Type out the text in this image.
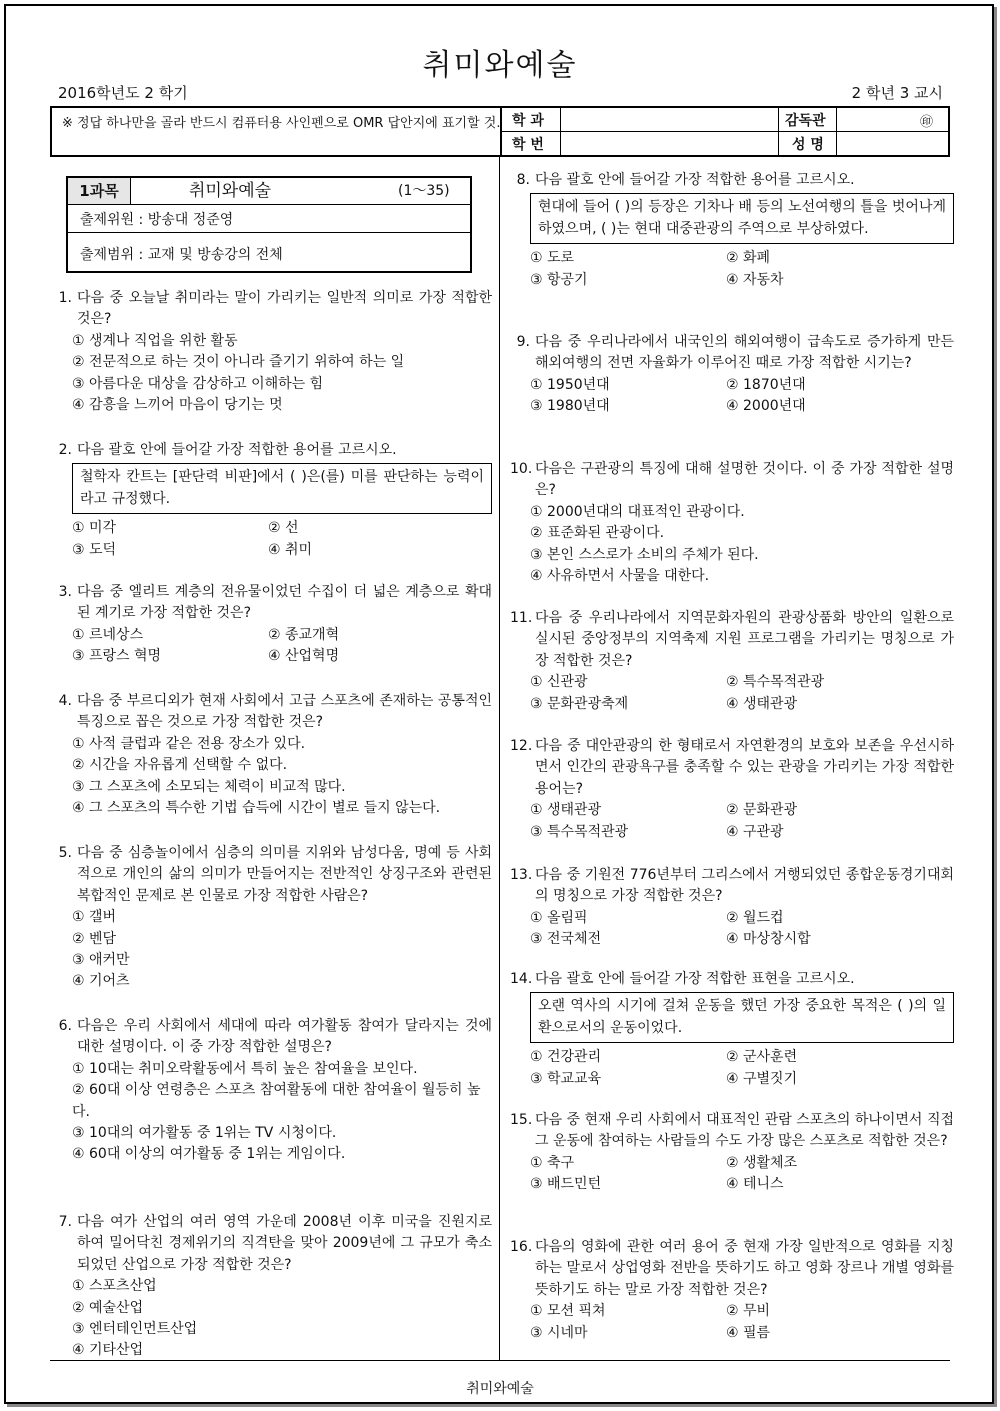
취미와예술
2016학년도 2 학기	2 학년 3 교시
※ 정답 하나만을 골라 반드시 컴퓨터용 사인펜으로 OMR 답안지에 표기할 것. 학 과	감독관	㊞
학 번	성 명
1과목	취미와예술	(1～35)
출제위원 : 방송대 정준영
출제범위 : 교재 및 방송강의 전체
1. 다음 중 오늘날 취미라는 말이 가리키는 일반적 의미로 가장 적합한 것은?
① 생계나 직업을 위한 활동
② 전문적으로 하는 것이 아니라 즐기기 위하여 하는 일
③ 아름다운 대상을 감상하고 이해하는 힘
④ 감흥을 느끼어 마음이 당기는 멋
2. 다음 괄호 안에 들어갈 가장 적합한 용어를 고르시오.
철학자 칸트는 [판단력 비판]에서 ( )은(를) 미를 판단하는 능력이라고 규정했다.
① 미각	② 선
③ 도덕	④ 취미
3. 다음 중 엘리트 계층의 전유물이었던 수집이 더 넓은 계층으로 확대된 계기로 가장 적합한 것은?
① 르네상스	② 종교개혁
③ 프랑스 혁명	④ 산업혁명
4. 다음 중 부르디외가 현재 사회에서 고급 스포츠에 존재하는 공통적인 특징으로 꼽은 것으로 가장 적합한 것은?
① 사적 클럽과 같은 전용 장소가 있다.
② 시간을 자유롭게 선택할 수 없다.
③ 그 스포츠에 소모되는 체력이 비교적 많다.
④ 그 스포츠의 특수한 기법 습득에 시간이 별로 들지 않는다.
5. 다음 중 심층놀이에서 심층의 의미를 지위와 남성다움, 명예 등 사회적으로 개인의 삶의 의미가 만들어지는 전반적인 상징구조와 관련된 복합적인 문제로 본 인물로 가장 적합한 사람은?
① 갤버
② 벤담
③ 애커만
④ 기어츠
6. 다음은 우리 사회에서 세대에 따라 여가활동 참여가 달라지는 것에 대한 설명이다. 이 중 가장 적합한 설명은?
① 10대는 취미오락활동에서 특히 높은 참여율을 보인다.
② 60대 이상 연령층은 스포츠 참여활동에 대한 참여율이 월등히 높다.
③ 10대의 여가활동 중 1위는 TV 시청이다.
④ 60대 이상의 여가활동 중 1위는 게임이다.
7. 다음 여가 산업의 여러 영역 가운데 2008년 이후 미국을 진원지로 하여 밀어닥친 경제위기의 직격탄을 맞아 2009년에 그 규모가 축소되었던 산업으로 가장 적합한 것은?
① 스포츠산업
② 예술산업
③ 엔터테인먼트산업
④ 기타산업
8. 다음 괄호 안에 들어갈 가장 적합한 용어를 고르시오.
현대에 들어 ( )의 등장은 기차나 배 등의 노선여행의 틀을 벗어나게 하였으며, ( )는 현대 대중관광의 주역으로 부상하였다.
① 도로	② 화폐
③ 항공기	④ 자동차
9. 다음 중 우리나라에서 내국인의 해외여행이 급속도로 증가하게 만든 해외여행의 전면 자율화가 이루어진 때로 가장 적합한 시기는?
① 1950년대	② 1870년대
③ 1980년대	④ 2000년대
10. 다음은 구관광의 특징에 대해 설명한 것이다. 이 중 가장 적합한 설명은?
① 2000년대의 대표적인 관광이다.
② 표준화된 관광이다.
③ 본인 스스로가 소비의 주체가 된다.
④ 사유하면서 사물을 대한다.
11. 다음 중 우리나라에서 지역문화자원의 관광상품화 방안의 일환으로 실시된 중앙정부의 지역축제 지원 프로그램을 가리키는 명칭으로 가장 적합한 것은?
① 신관광	② 특수목적관광
③ 문화관광축제	④ 생태관광
12. 다음 중 대안관광의 한 형태로서 자연환경의 보호와 보존을 우선시하면서 인간의 관광욕구를 충족할 수 있는 관광을 가리키는 가장 적합한 용어는?
① 생태관광	② 문화관광
③ 특수목적관광	④ 구관광
13. 다음 중 기원전 776년부터 그리스에서 거행되었던 종합운동경기대회의 명칭으로 가장 적합한 것은?
① 올림픽	② 월드컵
③ 전국체전	④ 마상창시합
14. 다음 괄호 안에 들어갈 가장 적합한 표현을 고르시오.
오랜 역사의 시기에 걸쳐 운동을 했던 가장 중요한 목적은 ( )의 일환으로서의 운동이었다.
① 건강관리	② 군사훈련
③ 학교교육	④ 구별짓기
15. 다음 중 현재 우리 사회에서 대표적인 관람 스포츠의 하나이면서 직접 그 운동에 참여하는 사람들의 수도 가장 많은 스포츠로 적합한 것은?
① 축구	② 생활체조
③ 배드민턴	④ 테니스
16. 다음의 영화에 관한 여러 용어 중 현재 가장 일반적으로 영화를 지칭하는 말로서 상업영화 전반을 뜻하기도 하고 영화 장르나 개별 영화를 뜻하기도 하는 말로 가장 적합한 것은?
① 모션 픽쳐	② 무비
③ 시네마	④ 필름
취미와예술
